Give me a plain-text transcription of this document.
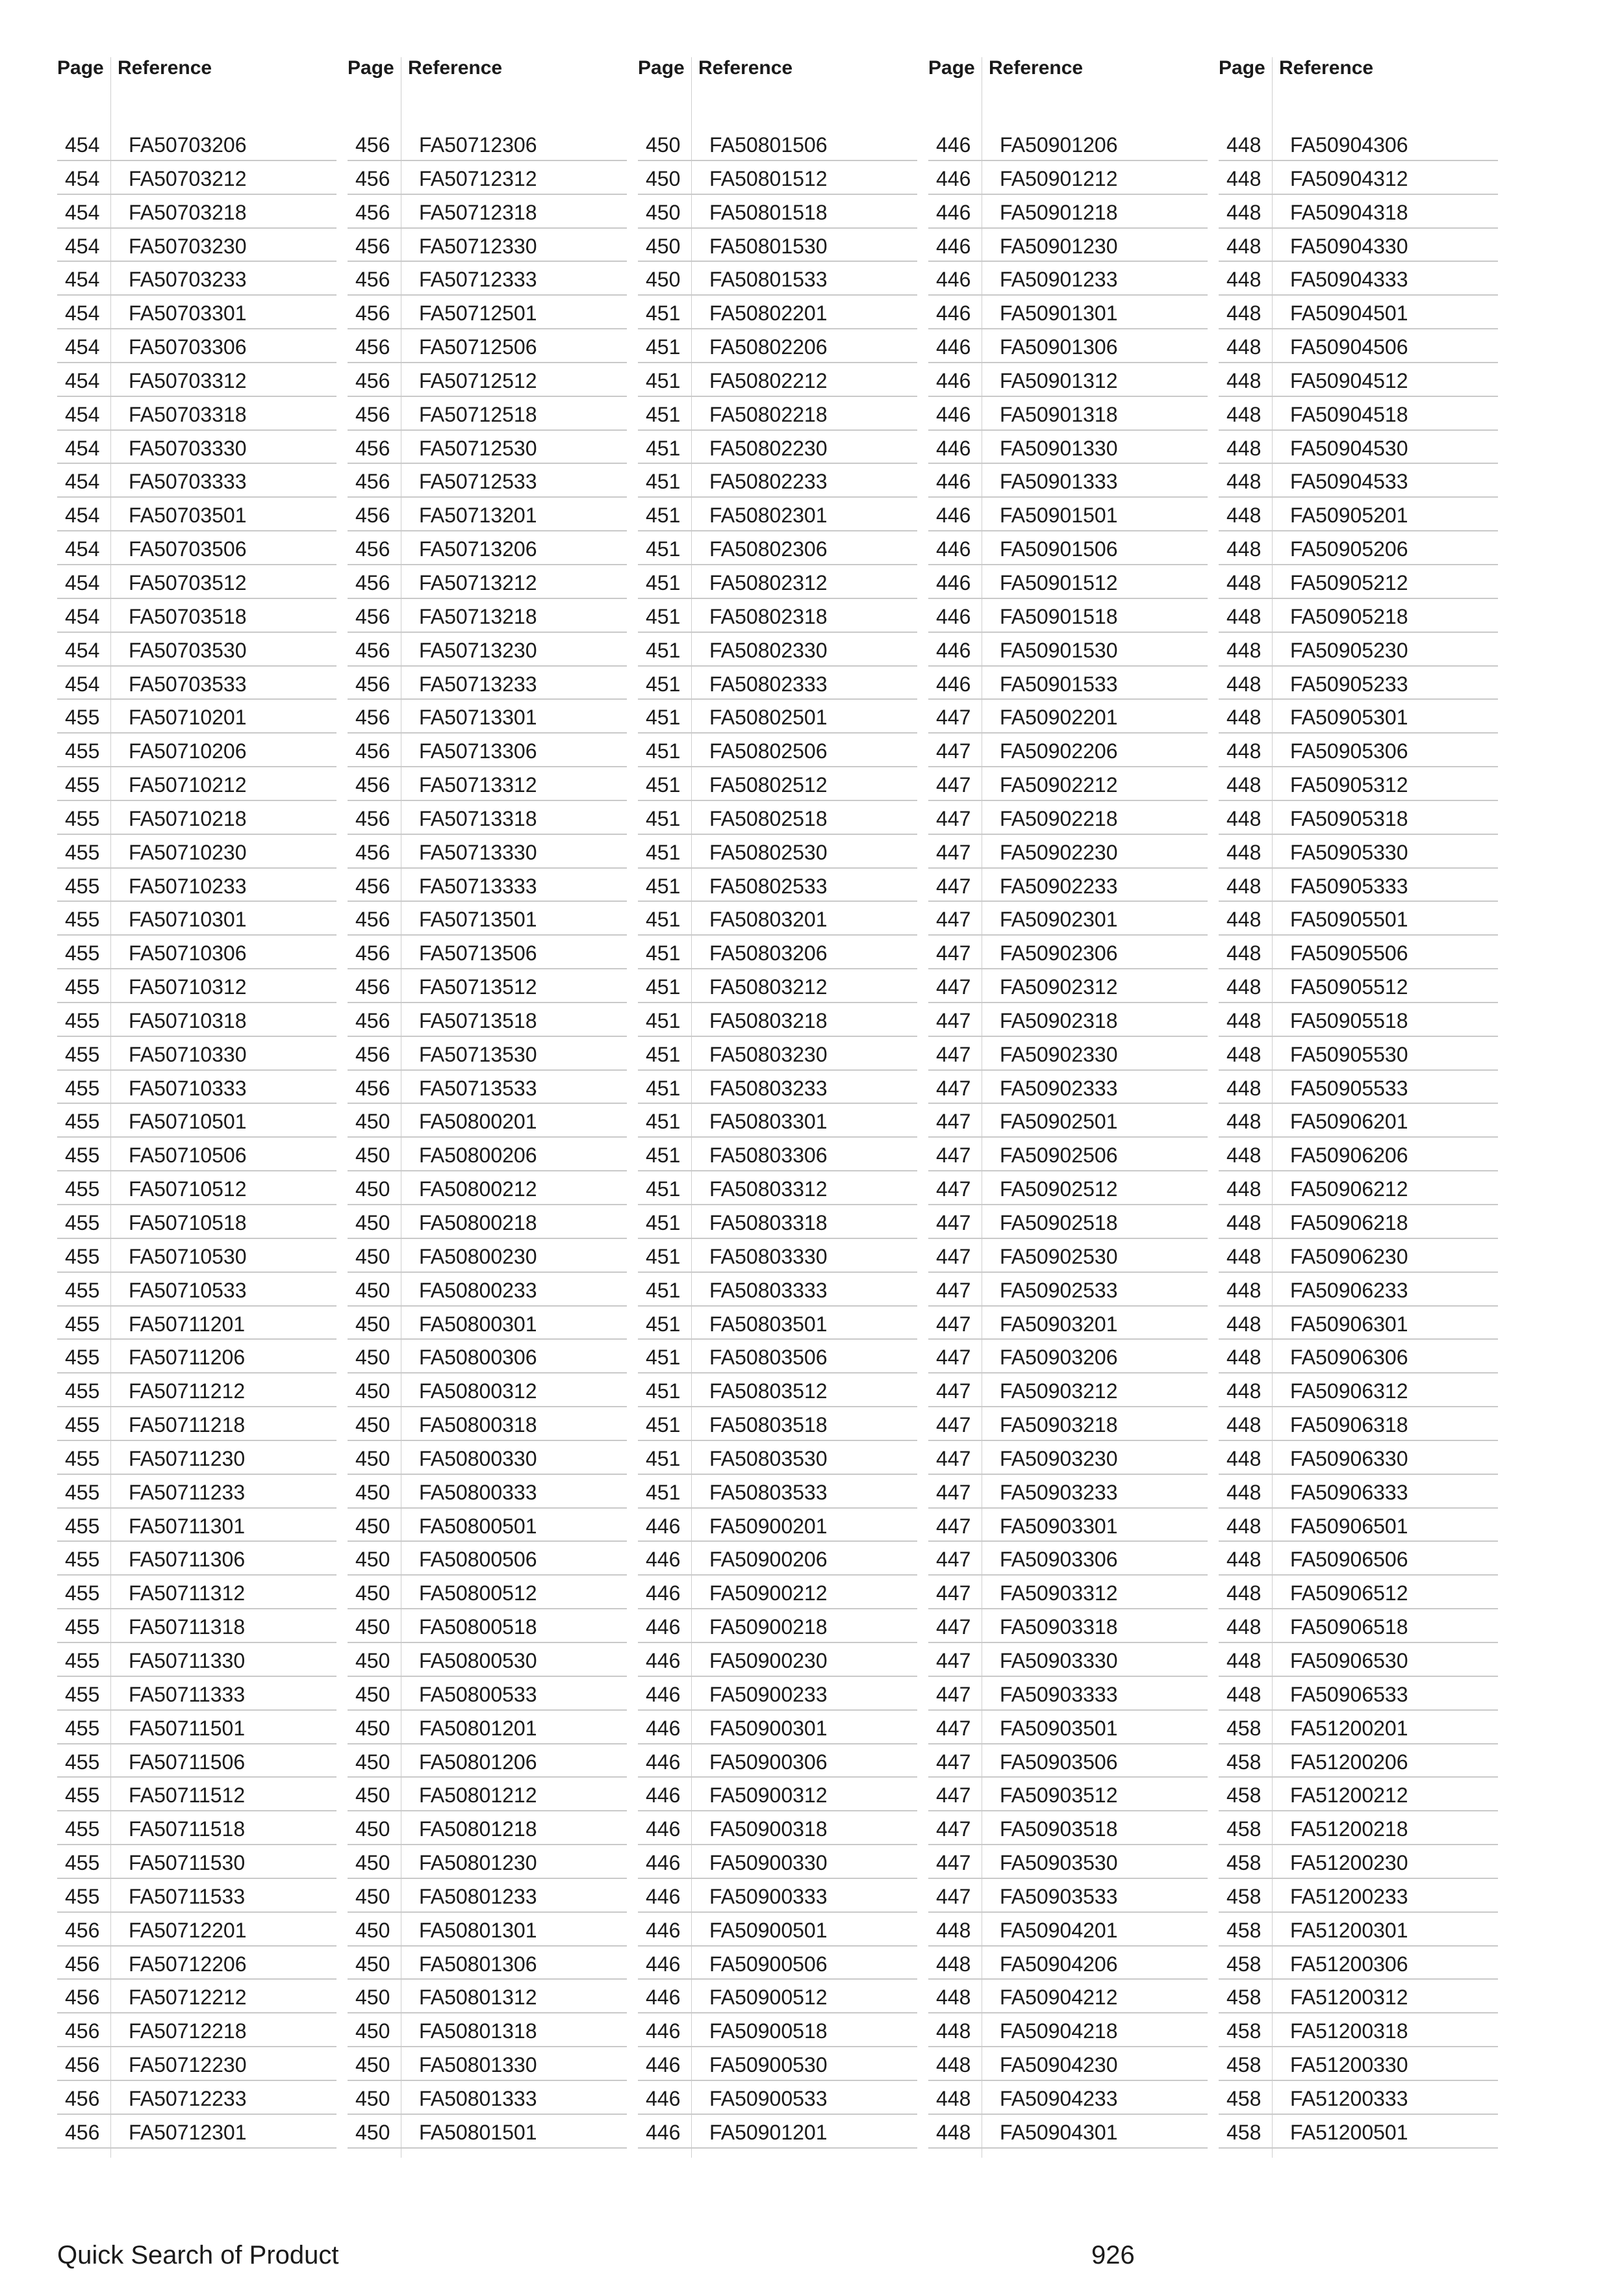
Page Reference
454 FA50703206
454 FA50703212
454 FA50703218
454 FA50703230
454 FA50703233
454 FA50703301
454 FA50703306
454 FA50703312
454 FA50703318
454 FA50703330
454 FA50703333
454 FA50703501
454 FA50703506
454 FA50703512
454 FA50703518
454 FA50703530
454 FA50703533
455 FA50710201
455 FA50710206
455 FA50710212
455 FA50710218
455 FA50710230
455 FA50710233
455 FA50710301
455 FA50710306
455 FA50710312
455 FA50710318
455 FA50710330
455 FA50710333
455 FA50710501
455 FA50710506
455 FA50710512
455 FA50710518
455 FA50710530
455 FA50710533
455 FA50711201
455 FA50711206
455 FA50711212
455 FA50711218
455 FA50711230
455 FA50711233
455 FA50711301
455 FA50711306
455 FA50711312
455 FA50711318
455 FA50711330
455 FA50711333
455 FA50711501
455 FA50711506
455 FA50711512
455 FA50711518
455 FA50711530
455 FA50711533
456 FA50712201
456 FA50712206
456 FA50712212
456 FA50712218
456 FA50712230
456 FA50712233
456 FA50712301
Page Reference
456 FA50712306
456 FA50712312
456 FA50712318
456 FA50712330
456 FA50712333
456 FA50712501
456 FA50712506
456 FA50712512
456 FA50712518
456 FA50712530
456 FA50712533
456 FA50713201
456 FA50713206
456 FA50713212
456 FA50713218
456 FA50713230
456 FA50713233
456 FA50713301
456 FA50713306
456 FA50713312
456 FA50713318
456 FA50713330
456 FA50713333
456 FA50713501
456 FA50713506
456 FA50713512
456 FA50713518
456 FA50713530
456 FA50713533
450 FA50800201
450 FA50800206
450 FA50800212
450 FA50800218
450 FA50800230
450 FA50800233
450 FA50800301
450 FA50800306
450 FA50800312
450 FA50800318
450 FA50800330
450 FA50800333
450 FA50800501
450 FA50800506
450 FA50800512
450 FA50800518
450 FA50800530
450 FA50800533
450 FA50801201
450 FA50801206
450 FA50801212
450 FA50801218
450 FA50801230
450 FA50801233
450 FA50801301
450 FA50801306
450 FA50801312
450 FA50801318
450 FA50801330
450 FA50801333
450 FA50801501
Page Reference
450 FA50801506
450 FA50801512
450 FA50801518
450 FA50801530
450 FA50801533
451 FA50802201
451 FA50802206
451 FA50802212
451 FA50802218
451 FA50802230
451 FA50802233
451 FA50802301
451 FA50802306
451 FA50802312
451 FA50802318
451 FA50802330
451 FA50802333
451 FA50802501
451 FA50802506
451 FA50802512
451 FA50802518
451 FA50802530
451 FA50802533
451 FA50803201
451 FA50803206
451 FA50803212
451 FA50803218
451 FA50803230
451 FA50803233
451 FA50803301
451 FA50803306
451 FA50803312
451 FA50803318
451 FA50803330
451 FA50803333
451 FA50803501
451 FA50803506
451 FA50803512
451 FA50803518
451 FA50803530
451 FA50803533
446 FA50900201
446 FA50900206
446 FA50900212
446 FA50900218
446 FA50900230
446 FA50900233
446 FA50900301
446 FA50900306
446 FA50900312
446 FA50900318
446 FA50900330
446 FA50900333
446 FA50900501
446 FA50900506
446 FA50900512
446 FA50900518
446 FA50900530
446 FA50900533
446 FA50901201
Page Reference
446 FA50901206
446 FA50901212
446 FA50901218
446 FA50901230
446 FA50901233
446 FA50901301
446 FA50901306
446 FA50901312
446 FA50901318
446 FA50901330
446 FA50901333
446 FA50901501
446 FA50901506
446 FA50901512
446 FA50901518
446 FA50901530
446 FA50901533
447 FA50902201
447 FA50902206
447 FA50902212
447 FA50902218
447 FA50902230
447 FA50902233
447 FA50902301
447 FA50902306
447 FA50902312
447 FA50902318
447 FA50902330
447 FA50902333
447 FA50902501
447 FA50902506
447 FA50902512
447 FA50902518
447 FA50902530
447 FA50902533
447 FA50903201
447 FA50903206
447 FA50903212
447 FA50903218
447 FA50903230
447 FA50903233
447 FA50903301
447 FA50903306
447 FA50903312
447 FA50903318
447 FA50903330
447 FA50903333
447 FA50903501
447 FA50903506
447 FA50903512
447 FA50903518
447 FA50903530
447 FA50903533
448 FA50904201
448 FA50904206
448 FA50904212
448 FA50904218
448 FA50904230
448 FA50904233
448 FA50904301
Page Reference
448 FA50904306
448 FA50904312
448 FA50904318
448 FA50904330
448 FA50904333
448 FA50904501
448 FA50904506
448 FA50904512
448 FA50904518
448 FA50904530
448 FA50904533
448 FA50905201
448 FA50905206
448 FA50905212
448 FA50905218
448 FA50905230
448 FA50905233
448 FA50905301
448 FA50905306
448 FA50905312
448 FA50905318
448 FA50905330
448 FA50905333
448 FA50905501
448 FA50905506
448 FA50905512
448 FA50905518
448 FA50905530
448 FA50905533
448 FA50906201
448 FA50906206
448 FA50906212
448 FA50906218
448 FA50906230
448 FA50906233
448 FA50906301
448 FA50906306
448 FA50906312
448 FA50906318
448 FA50906330
448 FA50906333
448 FA50906501
448 FA50906506
448 FA50906512
448 FA50906518
448 FA50906530
448 FA50906533
458 FA51200201
458 FA51200206
458 FA51200212
458 FA51200218
458 FA51200230
458 FA51200233
458 FA51200301
458 FA51200306
458 FA51200312
458 FA51200318
458 FA51200330
458 FA51200333
458 FA51200501
Quick Search of Product	926
